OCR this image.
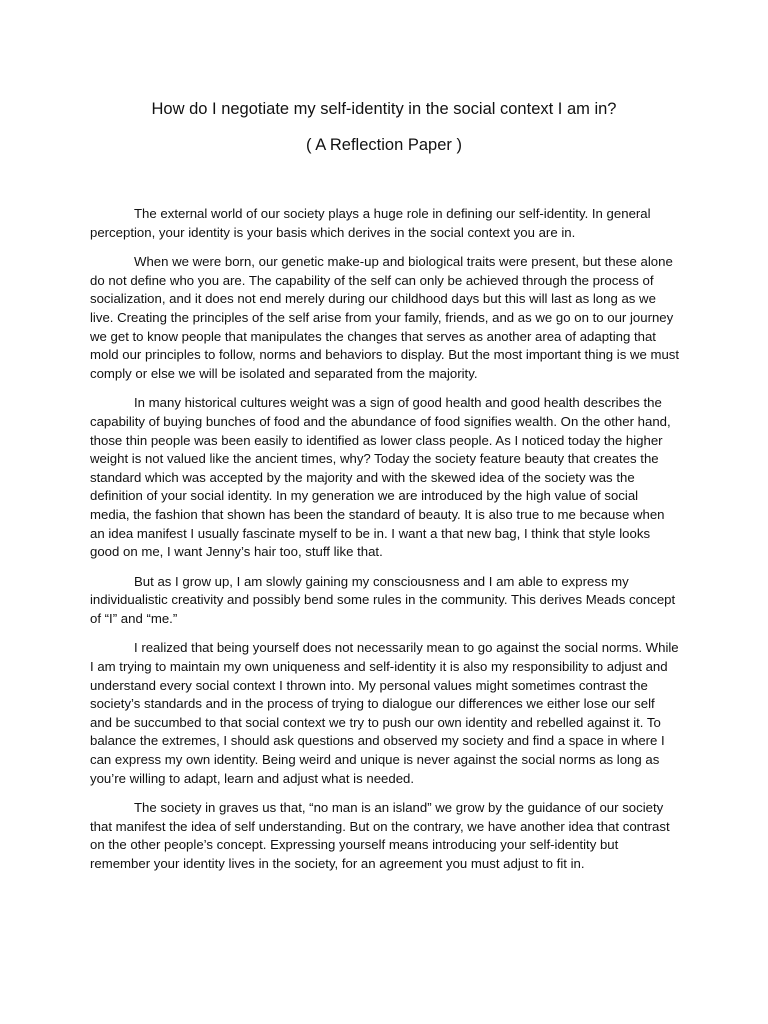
How do I negotiate my self-identity in the social context I am in?
( A Reflection Paper )

The external world of our society plays a huge role in defining our self-identity. In general perception, your identity is your basis which derives in the social context you are in.

When we were born, our genetic make-up and biological traits were present, but these alone do not define who you are. The capability of the self can only be achieved through the process of socialization, and it does not end merely during our childhood days but this will last as long as we live. Creating the principles of the self arise from your family, friends, and as we go on to our journey we get to know people that manipulates the changes that serves as another area of adapting that mold our principles to follow, norms and behaviors to display. But the most important thing is we must comply or else we will be isolated and separated from the majority.

In many historical cultures weight was a sign of good health and good health describes the capability of buying bunches of food and the abundance of food signifies wealth. On the other hand, those thin people was been easily to identified as lower class people. As I noticed today the higher weight is not valued like the ancient times, why? Today the society feature beauty that creates the standard which was accepted by the majority and with the skewed idea of the society was the definition of your social identity. In my generation we are introduced by the high value of social media, the fashion that shown has been the standard of beauty. It is also true to me because when an idea manifest I usually fascinate myself to be in. I want a that new bag, I think that style looks good on me, I want Jenny’s hair too, stuff like that.

But as I grow up, I am slowly gaining my consciousness and I am able to express my individualistic creativity and possibly bend some rules in the community. This derives Meads concept of “I” and “me.”

I realized that being yourself does not necessarily mean to go against the social norms. While I am trying to maintain my own uniqueness and self-identity it is also my responsibility to adjust and understand every social context I thrown into. My personal values might sometimes contrast the society’s standards and in the process of trying to dialogue our differences we either lose our self and be succumbed to that social context we try to push our own identity and rebelled against it. To balance the extremes, I should ask questions and observed my society and find a space in where I can express my own identity. Being weird and unique is never against the social norms as long as you’re willing to adapt, learn and adjust what is needed.

The society in graves us that, “no man is an island” we grow by the guidance of our society that manifest the idea of self understanding. But on the contrary, we have another idea that contrast on the other people’s concept. Expressing yourself means introducing your self-identity but remember your identity lives in the society, for an agreement you must adjust to fit in.
